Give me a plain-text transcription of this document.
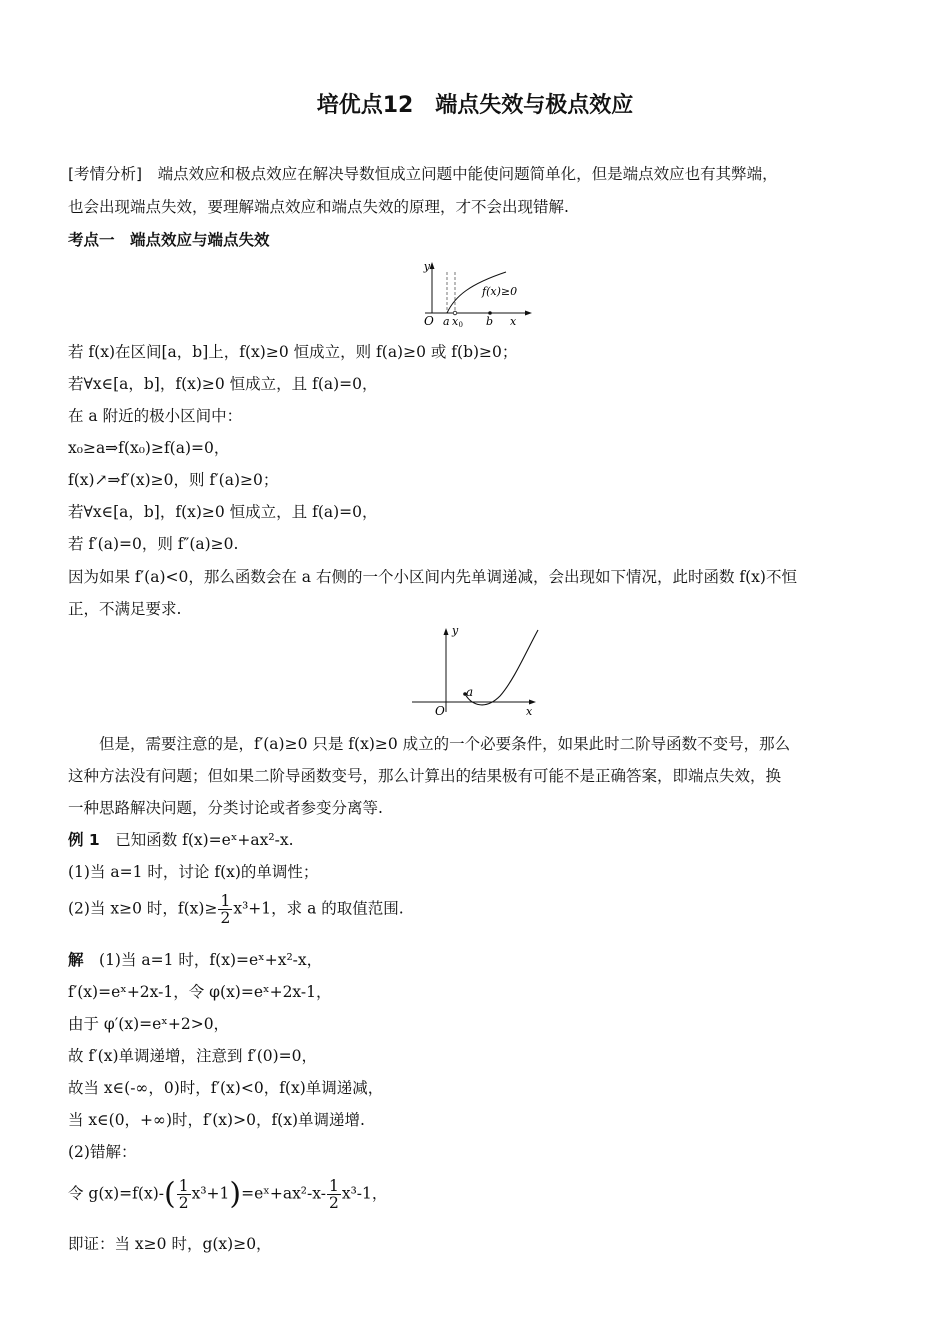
培优点12　端点失效与极点效应
[考情分析]　端点效应和极点效应在解决导数恒成立问题中能使问题简单化，但是端点效应也有其弊端，
也会出现端点失效，要理解端点效应和端点失效的原理，才不会出现错解.
考点一　端点效应与端点失效
y
O a x 0 b x
f(x)≥0
若 f(x)在区间[a，b]上，f(x)≥0 恒成立，则 f(a)≥0 或 f(b)≥0；
若∀x∈[a，b]，f(x)≥0 恒成立，且 f(a)=0，
在 a 附近的极小区间中：
x₀≥a⇒f(x₀)≥f(a)=0，
f(x)↗⇒f′(x)≥0，则 f′(a)≥0；
若∀x∈[a，b]，f(x)≥0 恒成立，且 f(a)=0，
若 f′(a)=0，则 f″(a)≥0.
因为如果 f′(a)<0，那么函数会在 a 右侧的一个小区间内先单调递减，会出现如下情况，此时函数 f(x)不恒
正，不满足要求.
y
O
a
x
　　但是，需要注意的是，f′(a)≥0 只是 f(x)≥0 成立的一个必要条件，如果此时二阶导函数不变号，那么
这种方法没有问题；但如果二阶导函数变号，那么计算出的结果极有可能不是正确答案，即端点失效，换
一种思路解决问题，分类讨论或者参变分离等.
例 1　已知函数 f(x)=eˣ+ax²-x.
(1)当 a=1 时，讨论 f(x)的单调性；
(2)当 x≥0 时，$f(x)\ge \frac{1}{2} x^3+1$，求 a 的取值范围.
解　(1)当 a=1 时，f(x)=eˣ+x²-x，
f′(x)=eˣ+2x-1，令 φ(x)=eˣ+2x-1，
由于 φ′(x)=eˣ+2>0，
故 f′(x)单调递增，注意到 f′(0)=0，
故当 x∈(-∞，0)时，f′(x)<0，f(x)单调递减，
当 x∈(0，+∞)时，f′(x)>0，f(x)单调递增.
(2)错解：
令 $g(x)=f(x)-( \frac{1}{2}$ x³+1)=eˣ+ax²-x- $\frac{1}{2} x^3-1$，
即证：当 x≥0 时，g(x)≥0，
